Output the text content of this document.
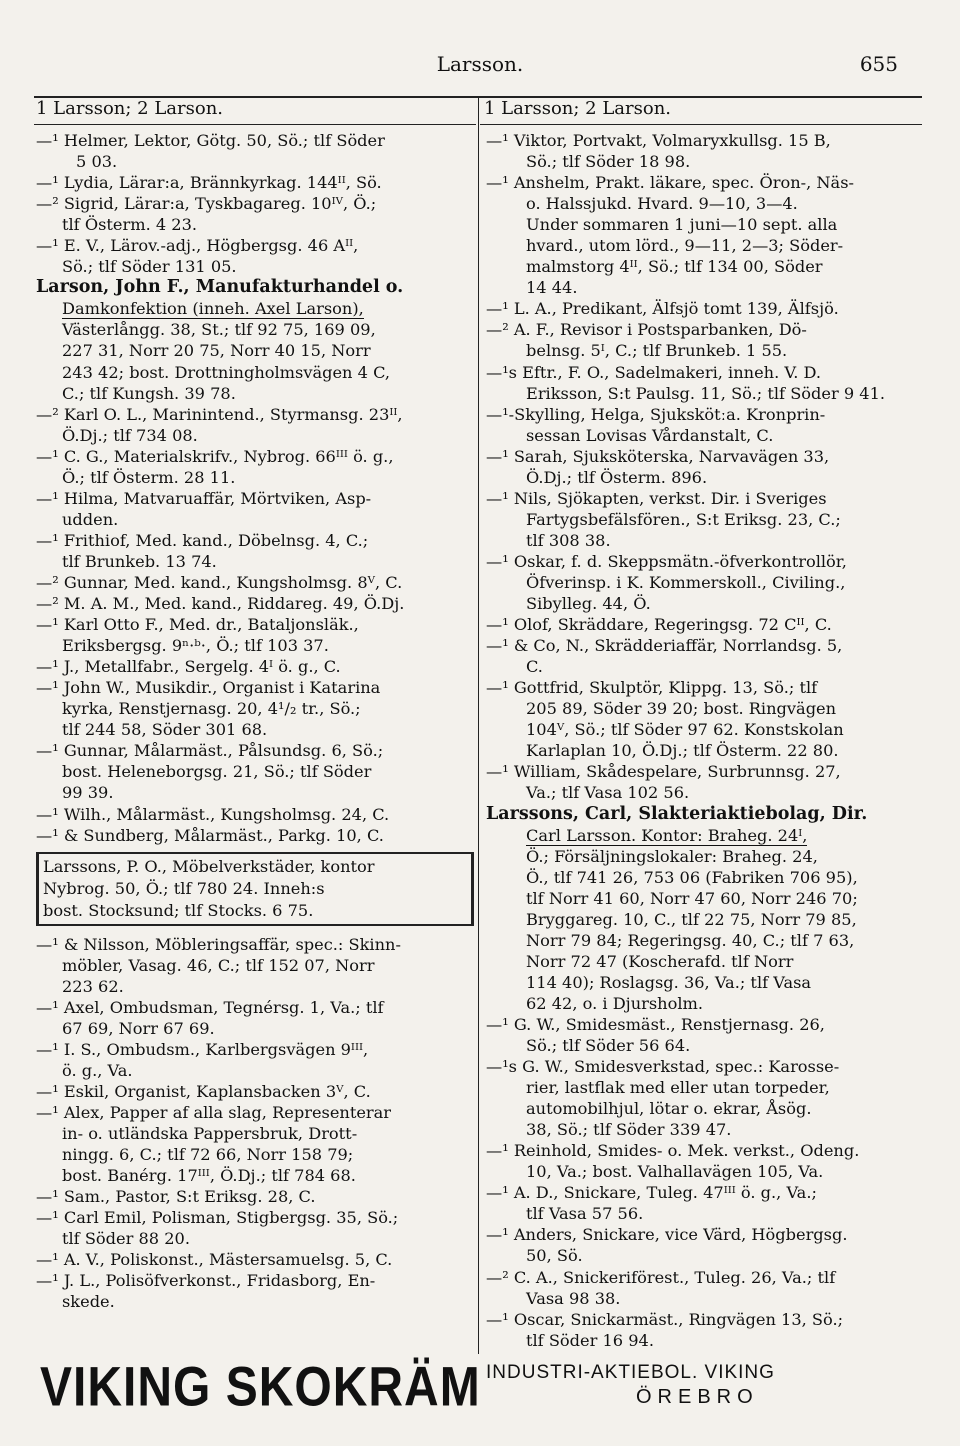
Larsson.	655
1 Larsson; 2 Larson.	1 Larsson; 2 Larson.
—¹ Helmer, Lektor, Götg. 50, Sö.; tlf Söder
5 03.
—¹ Lydia, Lärar:a, Brännkyrkag. 144ᴵᴵ, Sö.
—² Sigrid, Lärar:a, Tyskbagareg. 10ᴵⱽ, Ö.;
tlf Österm. 4 23.
—¹ E. V., Lärov.-adj., Högbergsg. 46 Aᴵᴵ,
Sö.; tlf Söder 131 05.
Larson, John F., Manufakturhandel o.
Damkonfektion (inneh. Axel Larson),
Västerlångg. 38, St.; tlf 92 75, 169 09,
227 31, Norr 20 75, Norr 40 15, Norr
243 42; bost. Drottningholmsvägen 4 C,
C.; tlf Kungsh. 39 78.
—² Karl O. L., Marinintend., Styrmansg. 23ᴵᴵ,
Ö.Dj.; tlf 734 08.
—¹ C. G., Materialskrifv., Nybrog. 66ᴵᴵᴵ ö. g.,
Ö.; tlf Österm. 28 11.
—¹ Hilma, Matvaruaffär, Mörtviken, Asp-
udden.
—¹ Frithiof, Med. kand., Döbelnsg. 4, C.;
tlf Brunkeb. 13 74.
—² Gunnar, Med. kand., Kungsholmsg. 8ⱽ, C.
—² M. A. M., Med. kand., Riddareg. 49, Ö.Dj.
—¹ Karl Otto F., Med. dr., Bataljonsläk.,
Eriksbergsg. 9ⁿ·ᵇ·, Ö.; tlf 103 37.
—¹ J., Metallfabr., Sergelg. 4ᴵ ö. g., C.
—¹ John W., Musikdir., Organist i Katarina
kyrka, Renstjernasg. 20, 4¹/₂ tr., Sö.;
tlf 244 58, Söder 301 68.
—¹ Gunnar, Målarmäst., Pålsundsg. 6, Sö.;
bost. Heleneborgsg. 21, Sö.; tlf Söder
99 39.
—¹ Wilh., Målarmäst., Kungsholmsg. 24, C.
—¹ & Sundberg, Målarmäst., Parkg. 10, C.
Larssons, P. O., Möbelverkstäder, kontor
Nybrog. 50, Ö.; tlf 780 24. Inneh:s
bost. Stocksund; tlf Stocks. 6 75.
—¹ & Nilsson, Möbleringsaffär, spec.: Skinn-
möbler, Vasag. 46, C.; tlf 152 07, Norr
223 62.
—¹ Axel, Ombudsman, Tegnérsg. 1, Va.; tlf
67 69, Norr 67 69.
—¹ I. S., Ombudsm., Karlbergsvägen 9ᴵᴵᴵ,
ö. g., Va.
—¹ Eskil, Organist, Kaplansbacken 3ⱽ, C.
—¹ Alex, Papper af alla slag, Representerar
in- o. utländska Pappersbruk, Drott-
ningg. 6, C.; tlf 72 66, Norr 158 79;
bost. Banérg. 17ᴵᴵᴵ, Ö.Dj.; tlf 784 68.
—¹ Sam., Pastor, S:t Eriksg. 28, C.
—¹ Carl Emil, Polisman, Stigbergsg. 35, Sö.;
tlf Söder 88 20.
—¹ A. V., Poliskonst., Mästersamuelsg. 5, C.
—¹ J. L., Polisöfverkonst., Fridasborg, En-
skede.
—¹ Viktor, Portvakt, Volmaryxkullsg. 15 B,
Sö.; tlf Söder 18 98.
—¹ Anshelm, Prakt. läkare, spec. Öron-, Näs-
o. Halssjukd. Hvard. 9—10, 3—4.
Under sommaren 1 juni—10 sept. alla
hvard., utom lörd., 9—11, 2—3; Söder-
malmstorg 4ᴵᴵ, Sö.; tlf 134 00, Söder
14 44.
—¹ L. A., Predikant, Älfsjö tomt 139, Älfsjö.
—² A. F., Revisor i Postsparbanken, Dö-
belnsg. 5ᴵ, C.; tlf Brunkeb. 1 55.
—¹s Eftr., F. O., Sadelmakeri, inneh. V. D.
Eriksson, S:t Paulsg. 11, Sö.; tlf Söder 9 41.
—¹-Skylling, Helga, Sjukskötːa. Kronprin-
sessan Lovisas Vårdanstalt, C.
—¹ Sarah, Sjuksköterska, Narvavägen 33,
Ö.Dj.; tlf Österm. 896.
—¹ Nils, Sjökapten, verkst. Dir. i Sveriges
Fartygsbefälsfören., S:t Eriksg. 23, C.;
tlf 308 38.
—¹ Oskar, f. d. Skeppsmätn.-öfverkontrollör,
Öfverinsp. i K. Kommerskoll., Civiling.,
Sibylleg. 44, Ö.
—¹ Olof, Skräddare, Regeringsg. 72 Cᴵᴵ, C.
—¹ & Co, N., Skrädderiaffär, Norrlandsg. 5,
C.
—¹ Gottfrid, Skulptör, Klippg. 13, Sö.; tlf
205 89, Söder 39 20; bost. Ringvägen
104ⱽ, Sö.; tlf Söder 97 62. Konstskolan
Karlaplan 10, Ö.Dj.; tlf Österm. 22 80.
—¹ William, Skådespelare, Surbrunnsg. 27,
Va.; tlf Vasa 102 56.
Larssons, Carl, Slakteriaktiebolag, Dir.
Carl Larsson. Kontor: Braheg. 24ᴵ,
Ö.; Försäljningslokaler: Braheg. 24,
Ö., tlf 741 26, 753 06 (Fabriken 706 95),
tlf Norr 41 60, Norr 47 60, Norr 246 70;
Bryggareg. 10, C., tlf 22 75, Norr 79 85,
Norr 79 84; Regeringsg. 40, C.; tlf 7 63,
Norr 72 47 (Koscherafd. tlf Norr
114 40); Roslagsg. 36, Va.; tlf Vasa
62 42, o. i Djursholm.
—¹ G. W., Smidesmäst., Renstjernasg. 26,
Sö.; tlf Söder 56 64.
—¹s G. W., Smidesverkstad, spec.: Karosse-
rier, lastflak med eller utan torpeder,
automobilhjul, lötar o. ekrar, Åsög.
38, Sö.; tlf Söder 339 47.
—¹ Reinhold, Smides- o. Mek. verkst., Odeng.
10, Va.; bost. Valhallavägen 105, Va.
—¹ A. D., Snickare, Tuleg. 47ᴵᴵᴵ ö. g., Va.;
tlf Vasa 57 56.
—¹ Anders, Snickare, vice Värd, Högbergsg.
50, Sö.
—² C. A., Snickeriförest., Tuleg. 26, Va.; tlf
Vasa 98 38.
—¹ Oscar, Snickarmäst., Ringvägen 13, Sö.;
tlf Söder 16 94.
VIKING SKOKRÄM INDUSTRI-AKTIEBOL. VIKING
ÖREBRO
